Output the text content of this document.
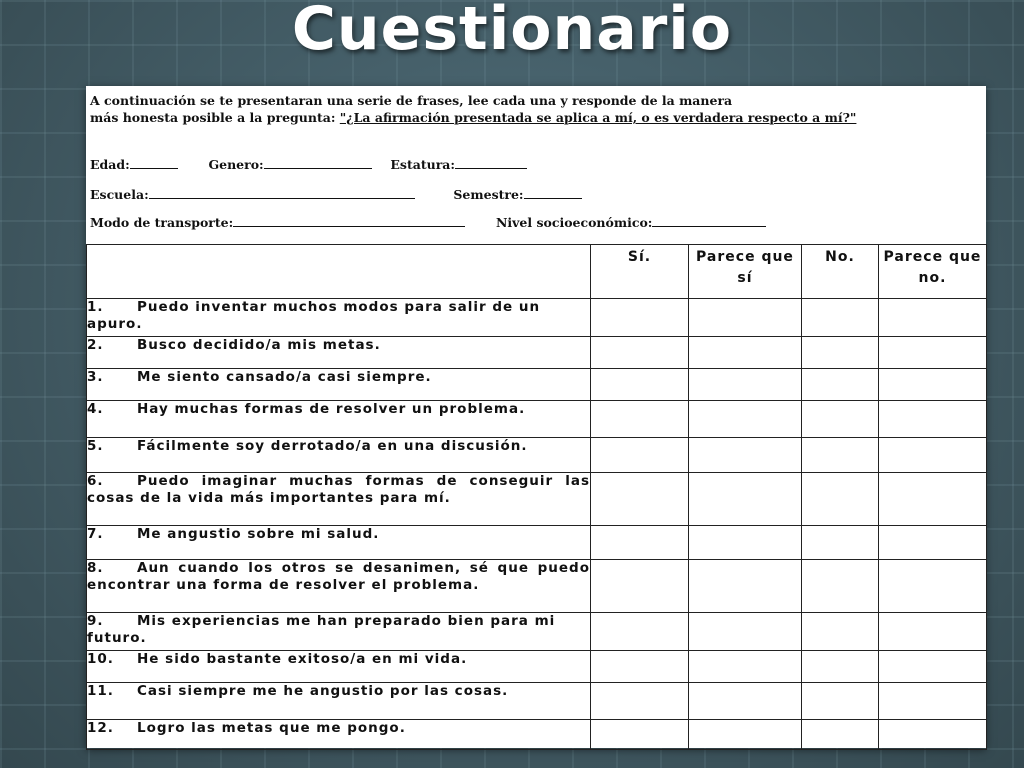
Cuestionario
A continuación se te presentaran una serie de frases, lee cada una y responde de la manera
más honesta posible a la pregunta: "¿La afirmación presentada se aplica a mí, o es verdadera respecto a mí?"
Edad:	Genero:	Estatura:
Escuela:	Semestre:
Modo de transporte:	Nivel socioeconómico:
	Sí.	Parece que sí	No.	Parece que no.
1. Puedo inventar muchos modos para salir de un apuro.				
2. Busco decidido/a mis metas.				
3. Me siento cansado/a casi siempre.				
4. Hay muchas formas de resolver un problema.				
5. Fácilmente soy derrotado/a en una discusión.				
6. Puedo imaginar muchas formas de conseguir las cosas de la vida más importantes para mí.				
7. Me angustio sobre mi salud.				
8. Aun cuando los otros se desanimen, sé que puedo encontrar una forma de resolver el problema.				
9. Mis experiencias me han preparado bien para mi futuro.				
10. He sido bastante exitoso/a en mi vida.				
11. Casi siempre me he angustio por las cosas.				
12. Logro las metas que me pongo.				
